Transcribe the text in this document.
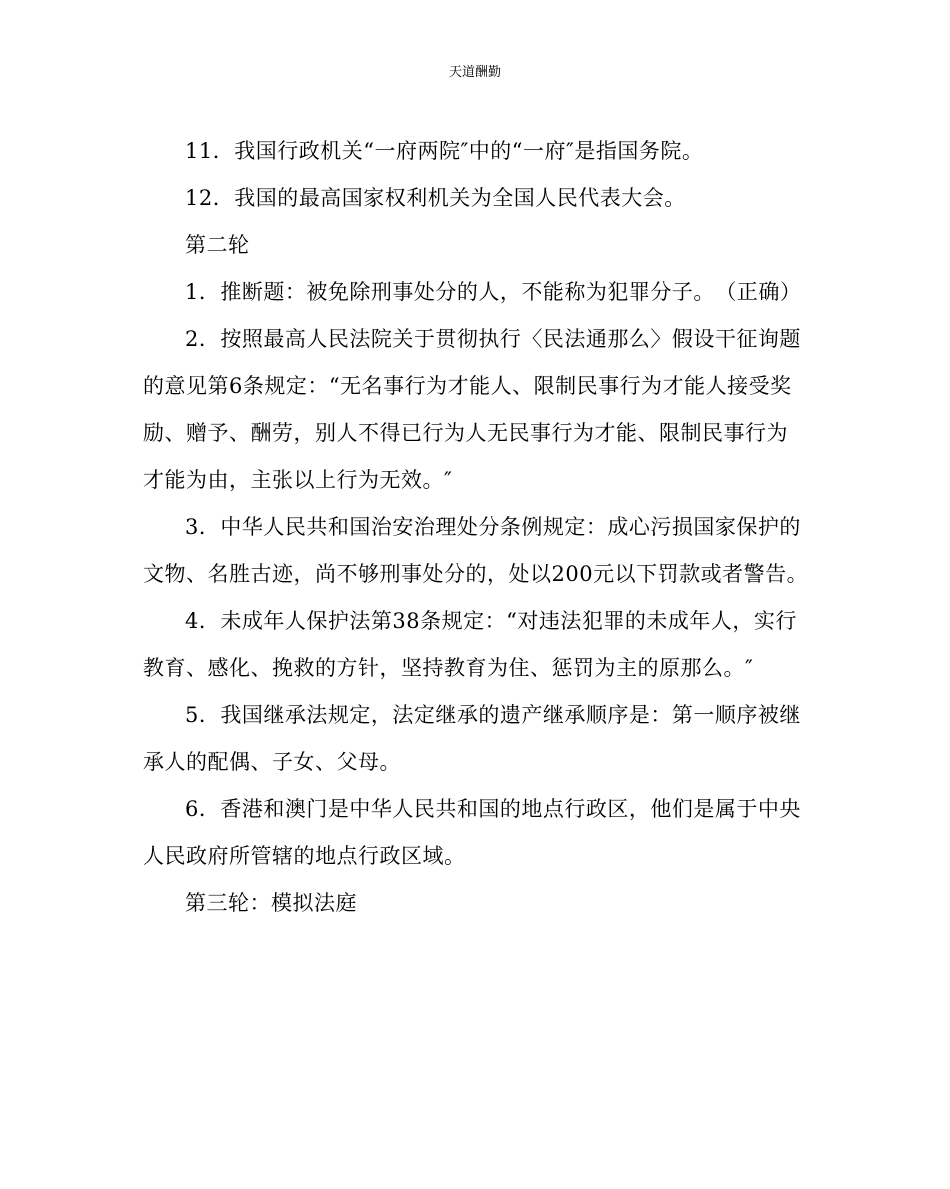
天道酬勤

11．我国行政机关“一府两院″中的“一府″是指国务院。

12．我国的最高国家权利机关为全国人民代表大会。

第二轮

1．推断题：被免除刑事处分的人，不能称为犯罪分子。　（正确）

2．按照最高人民法院关于贯彻执行〈民法通那么〉假设干征询题的意见第6条规定：“无名事行为才能人、限制民事行为才能人接受奖励、赠予、酬劳，别人不得已行为人无民事行为才能、限制民事行为才能为由，主张以上行为无效。″

3．中华人民共和国治安治理处分条例规定：成心污损国家保护的文物、名胜古迹，尚不够刑事处分的，处以200元以下罚款或者警告。

4．未成年人保护法第38条规定：“对违法犯罪的未成年人，实行教育、感化、挽救的方针，坚持教育为住、惩罚为主的原那么。″

5．我国继承法规定，法定继承的遗产继承顺序是：第一顺序被继承人的配偶、子女、父母。

6．香港和澳门是中华人民共和国的地点行政区，他们是属于中央人民政府所管辖的地点行政区域。

第三轮：模拟法庭
